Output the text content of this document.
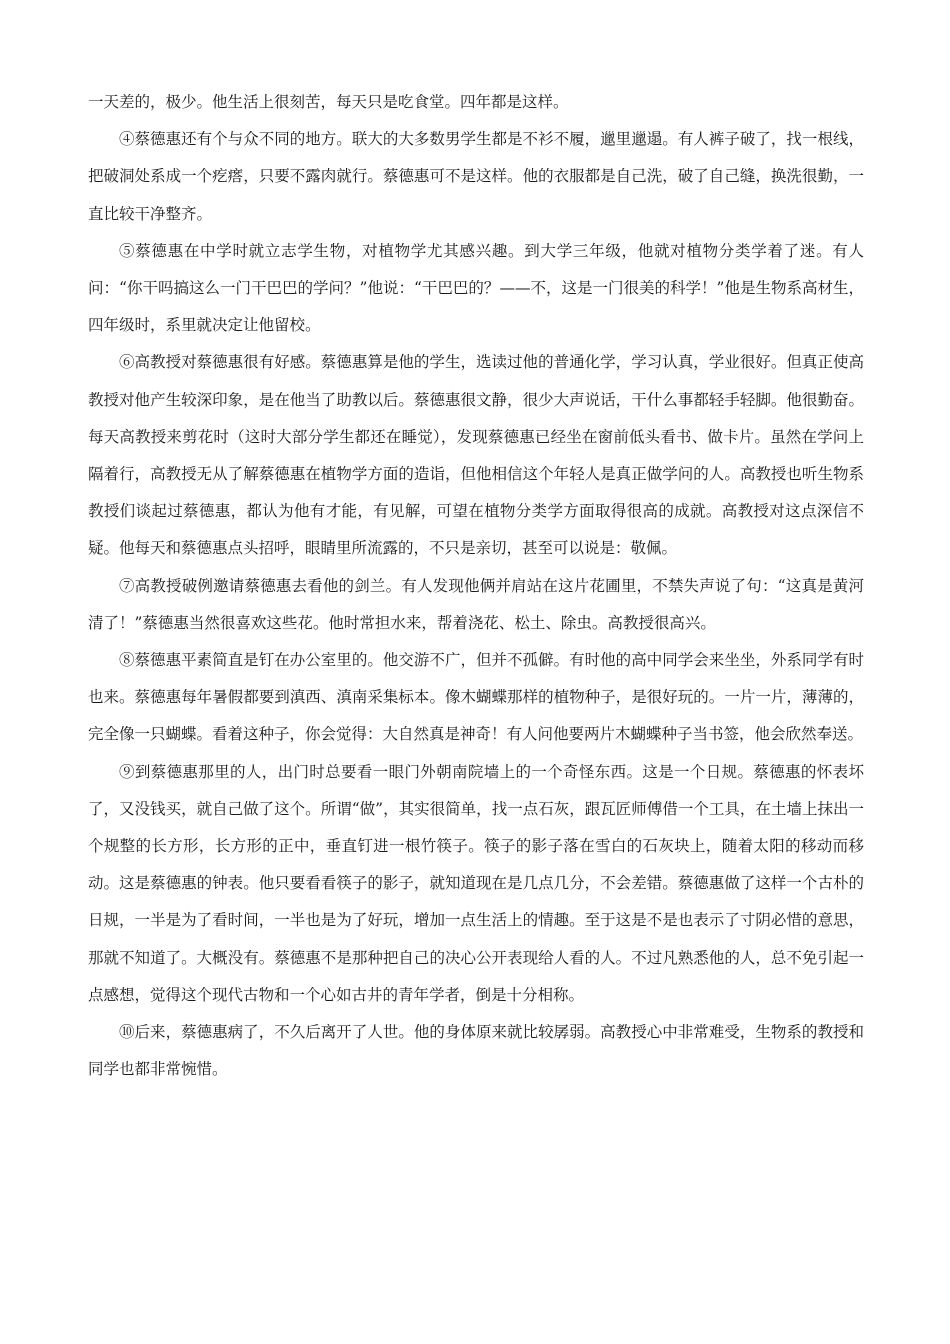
一天差的，极少。他生活上很刻苦，每天只是吃食堂。四年都是这样。

④蔡德惠还有个与众不同的地方。联大的大多数男学生都是不衫不履，邋里邋遢。有人裤子破了，找一根线，把破洞处系成一个疙瘩，只要不露肉就行。蔡德惠可不是这样。他的衣服都是自己洗，破了自己缝，换洗很勤，一直比较干净整齐。

⑤蔡德惠在中学时就立志学生物，对植物学尤其感兴趣。到大学三年级，他就对植物分类学着了迷。有人问：“你干吗搞这么一门干巴巴的学问？”他说：“干巴巴的？——不，这是一门很美的科学！”他是生物系高材生，四年级时，系里就决定让他留校。

⑥高教授对蔡德惠很有好感。蔡德惠算是他的学生，选读过他的普通化学，学习认真，学业很好。但真正使高教授对他产生较深印象，是在他当了助教以后。蔡德惠很文静，很少大声说话，干什么事都轻手轻脚。他很勤奋。每天高教授来剪花时（这时大部分学生都还在睡觉），发现蔡德惠已经坐在窗前低头看书、做卡片。虽然在学问上隔着行，高教授无从了解蔡德惠在植物学方面的造诣，但他相信这个年轻人是真正做学问的人。高教授也听生物系教授们谈起过蔡德惠，都认为他有才能，有见解，可望在植物分类学方面取得很高的成就。高教授对这点深信不疑。他每天和蔡德惠点头招呼，眼睛里所流露的，不只是亲切，甚至可以说是：敬佩。

⑦高教授破例邀请蔡德惠去看他的剑兰。有人发现他俩并肩站在这片花圃里，不禁失声说了句：“这真是黄河清了！”蔡德惠当然很喜欢这些花。他时常担水来，帮着浇花、松土、除虫。高教授很高兴。

⑧蔡德惠平素简直是钉在办公室里的。他交游不广，但并不孤僻。有时他的高中同学会来坐坐，外系同学有时也来。蔡德惠每年暑假都要到滇西、滇南采集标本。像木蝴蝶那样的植物种子，是很好玩的。一片一片，薄薄的，完全像一只蝴蝶。看着这种子，你会觉得：大自然真是神奇！有人问他要两片木蝴蝶种子当书签，他会欣然奉送。

⑨到蔡德惠那里的人，出门时总要看一眼门外朝南院墙上的一个奇怪东西。这是一个日规。蔡德惠的怀表坏了，又没钱买，就自己做了这个。所谓“做”，其实很简单，找一点石灰，跟瓦匠师傅借一个工具，在土墙上抹出一个规整的长方形，长方形的正中，垂直钉进一根竹筷子。筷子的影子落在雪白的石灰块上，随着太阳的移动而移动。这是蔡德惠的钟表。他只要看看筷子的影子，就知道现在是几点几分，不会差错。蔡德惠做了这样一个古朴的日规，一半是为了看时间，一半也是为了好玩，增加一点生活上的情趣。至于这是不是也表示了寸阴必惜的意思，那就不知道了。大概没有。蔡德惠不是那种把自己的决心公开表现给人看的人。不过凡熟悉他的人，总不免引起一点感想，觉得这个现代古物和一个心如古井的青年学者，倒是十分相称。

⑩后来，蔡德惠病了，不久后离开了人世。他的身体原来就比较孱弱。高教授心中非常难受，生物系的教授和同学也都非常惋惜。
